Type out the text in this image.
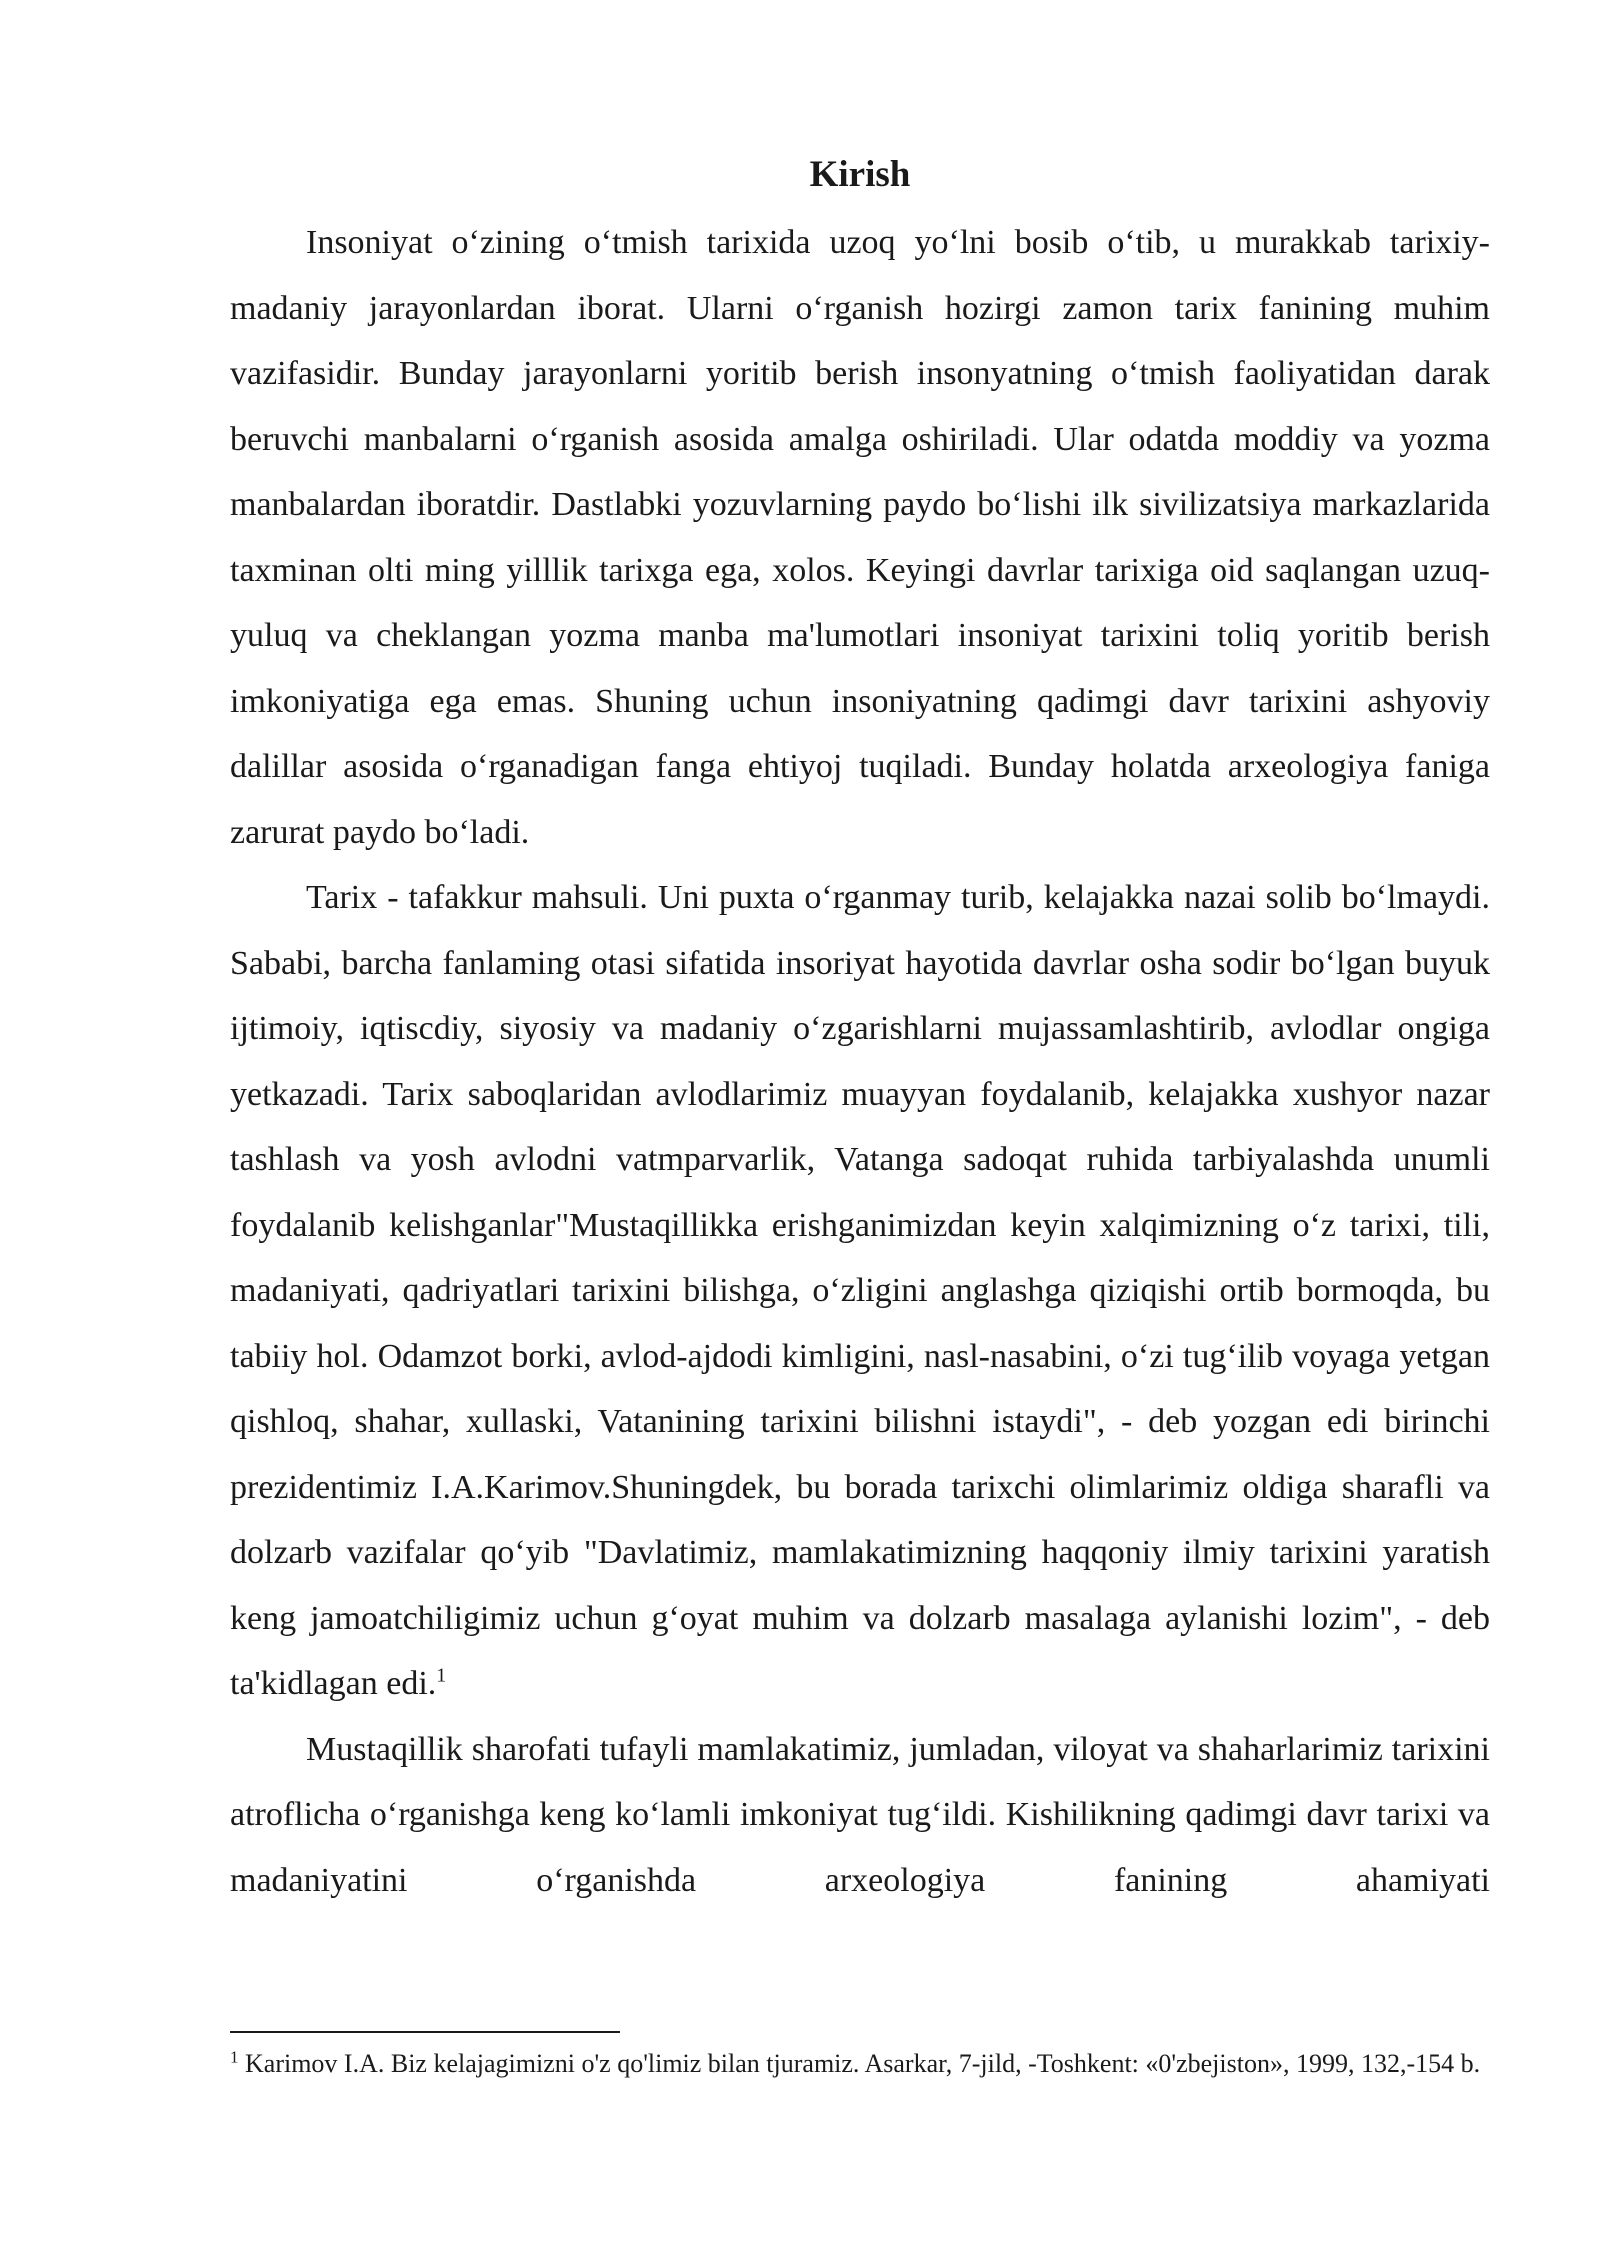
Kirish

Insoniyat o‘zining o‘tmish tarixida uzoq yo‘lni bosib o‘tib, u murakkab tarixiy-madaniy jarayonlardan iborat. Ularni o‘rganish hozirgi zamon tarix fanining muhim vazifasidir. Bunday jarayonlarni yoritib berish insonyatning o‘tmish faoliyatidan darak beruvchi manbalarni o‘rganish asosida amalga oshiriladi. Ular odatda moddiy va yozma manbalardan iboratdir. Dastlabki yozuvlarning paydo bo‘lishi ilk sivilizatsiya markazlarida taxminan olti ming yilllik tarixga ega, xolos. Keyingi davrlar tarixiga oid saqlangan uzuq-yuluq va cheklangan yozma manba ma'lumotlari insoniyat tarixini toliq yoritib berish imkoniyatiga ega emas. Shuning uchun insoniyatning qadimgi davr tarixini ashyoviy dalillar asosida o‘rganadigan fanga ehtiyoj tuqiladi. Bunday holatda arxeologiya faniga zarurat paydo bo‘ladi.

Tarix - tafakkur mahsuli. Uni puxta o‘rganmay turib, kelajakka nazai solib bo‘lmaydi. Sababi, barcha fanlaming otasi sifatida insoriyat hayotida davrlar osha sodir bo‘lgan buyuk ijtimoiy, iqtiscdiy, siyosiy va madaniy o‘zgarishlarni mujassamlashtirib, avlodlar ongiga yetkazadi. Tarix saboqlaridan avlodlarimiz muayyan foydalanib, kelajakka xushyor nazar tashlash va yosh avlodni vatmparvarlik, Vatanga sadoqat ruhida tarbiyalashda unumli foydalanib kelishganlar"Mustaqillikka erishganimizdan keyin xalqimizning o‘z tarixi, tili, madaniyati, qadriyatlari tarixini bilishga, o‘zligini anglashga qiziqishi ortib bormoqda, bu tabiiy hol. Odamzot borki, avlod-ajdodi kimligini, nasl-nasabini, o‘zi tug‘ilib voyaga yetgan qishloq, shahar, xullaski, Vatanining tarixini bilishni istaydi", - deb yozgan edi birinchi prezidentimiz I.A.Karimov.Shuningdek, bu borada tarixchi olimlarimiz oldiga sharafli va dolzarb vazifalar qo‘yib "Davlatimiz, mamlakatimizning haqqoniy ilmiy tarixini yaratish keng jamoatchiligimiz uchun g‘oyat muhim va dolzarb masalaga aylanishi lozim", - deb ta'kidlagan edi.$^1$

Mustaqillik sharofati tufayli mamlakatimiz, jumladan, viloyat va shaharlarimiz tarixini atroflicha o‘rganishga keng ko‘lamli imkoniyat tug‘ildi. Kishilikning qadimgi davr tarixi va madaniyatini o‘rganishda arxeologiya fanining ahamiyati

$^1$ Karimov I.A. Biz kelajagimizni o'z qo'limiz bilan tjuramiz. Asarkar, 7-jild, -Toshkent: «0'zbejiston», 1999, 132,-154 b.
